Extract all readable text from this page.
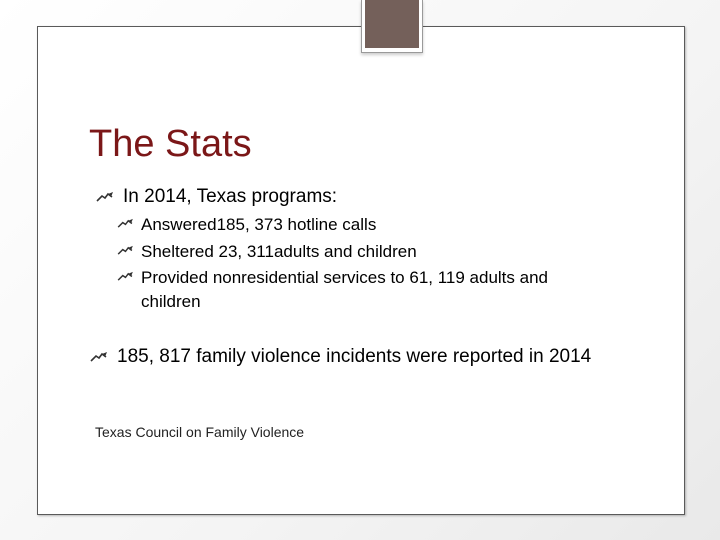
The Stats
In 2014, Texas programs:
Answered185, 373 hotline calls
Sheltered 23, 311adults and children
Provided nonresidential services to 61, 119 adults and children
185, 817 family violence incidents were reported in 2014
Texas Council on Family Violence
